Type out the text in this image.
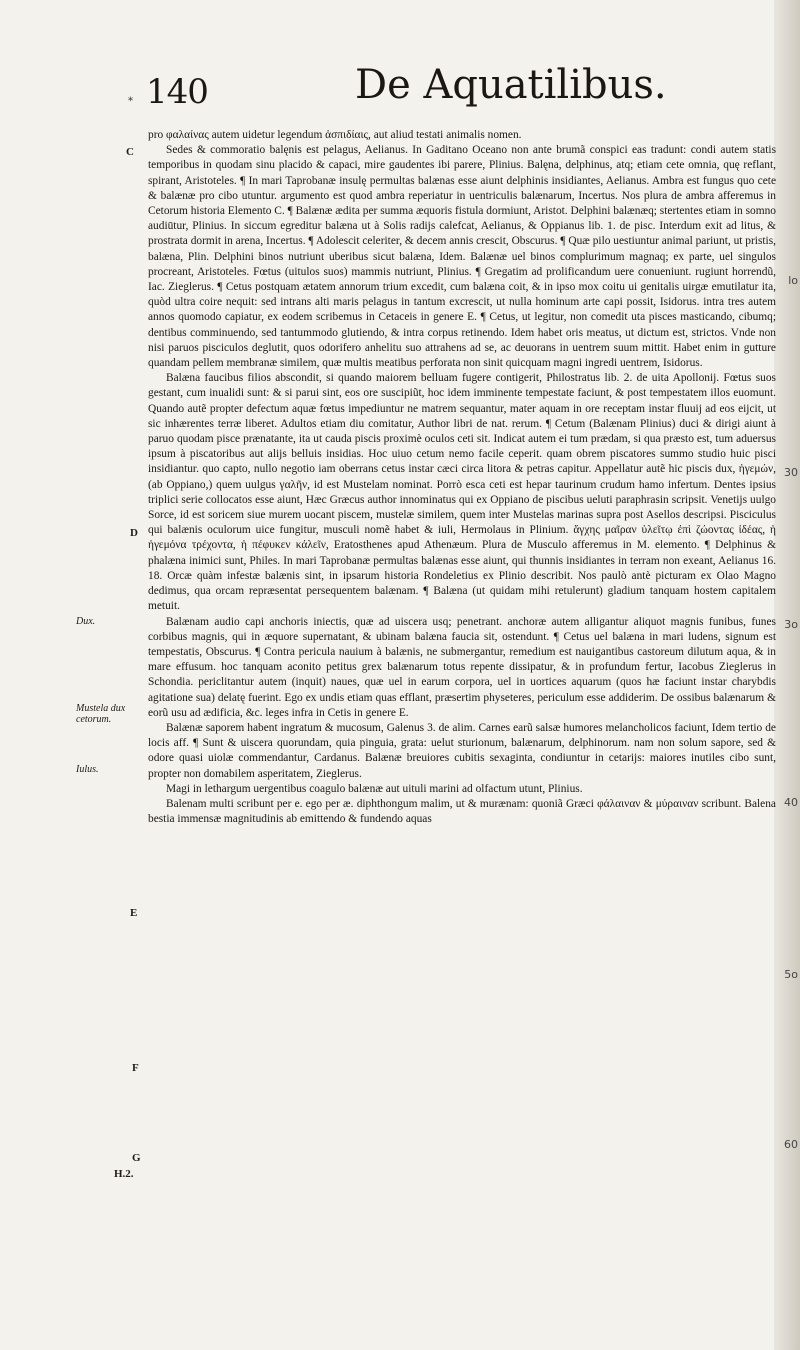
lo
30
3o
40
5o
60
* 140	De Aquatilibus.
C
D
E
F
G
H.2.
Dux.
Mustela dux cetorum.
Iulus.

pro φαλαίνας autem uidetur legendum ἀσπιδίαις, aut aliud testati animalis nomen.

Sedes & commoratio balęnis est pelagus, Aelianus. In Gaditano Oceano non ante brumã conspici eas tradunt: condi autem statis temporibus in quodam sinu placido & capaci, mire gaudentes ibi parere, Plinius. Balęna, delphinus, atq; etiam cete omnia, quę reflant, spirant, Aristoteles. ¶ In mari Taprobanæ insulę permultas balænas esse aiunt delphinis insidiantes, Aelianus. Ambra est fungus quo cete & balænæ pro cibo utuntur. argumento est quod ambra reperiatur in uentriculis balænarum, Incertus. Nos plura de ambra afferemus in Cetorum historia Elemento C. ¶ Balænæ ædita per summa æquoris fistula dormiunt, Aristot. Delphini balænæq; stertentes etiam in somno audiūtur, Plinius. In siccum egreditur balæna ut à Solis radijs calefcat, Aelianus, & Oppianus lib. 1. de pisc. Interdum exit ad litus, & prostrata dormit in arena, Incertus. ¶ Adolescit celeriter, & decem annis crescit, Obscurus. ¶ Quæ pilo uestiuntur animal pariunt, ut pristis, balæna, Plin. Delphini binos nutriunt uberibus sicut balæna, Idem. Balænæ uel binos complurimum magnaq; ex parte, uel singulos procreant, Aristoteles. Fœtus (uitulos suos) mammis nutriunt, Plinius. ¶ Gregatim ad prolificandum uere conueniunt. rugiunt horrendũ, Iac. Zieglerus. ¶ Cetus postquam ætatem annorum trium excedit, cum balæna coit, & in ipso mox coitu ui genitalis uirgæ emutilatur ita, quòd ultra coire nequit: sed intrans alti maris pelagus in tantum excrescit, ut nulla hominum arte capi possit, Isidorus. intra tres autem annos quomodo capiatur, ex eodem scribemus in Cetaceis in genere E. ¶ Cetus, ut legitur, non comedit uta pisces masticando, cibumq; dentibus comminuendo, sed tantummodo glutiendo, & intra corpus retinendo. Idem habet oris meatus, ut dictum est, strictos. Vnde non nisi paruos pisciculos deglutit, quos odorifero anhelitu suo attrahens ad se, ac deuorans in uentrem suum mittit. Habet enim in gutture quandam pellem membranæ similem, quæ multis meatibus perforata non sinit quicquam magni ingredi uentrem, Isidorus.

Balæna faucibus filios abscondit, si quando maiorem belluam fugere contigerit, Philostratus lib. 2. de uita Apollonij. Fœtus suos gestant, cum inualidi sunt: & si parui sint, eos ore suscipiũt, hoc idem imminente tempestate faciunt, & post tempestatem illos euomunt. Quando autẽ propter defectum aquæ fœtus impediuntur ne matrem sequantur, mater aquam in ore receptam instar fluuij ad eos eijcit, ut sic inhærentes terræ liberet. Adultos etiam diu comitatur, Author libri de nat. rerum. ¶ Cetum (Balænam Plinius) duci & dirigi aiunt à paruo quodam pisce prænatante, ita ut cauda piscis proximè oculos ceti sit. Indicat autem ei tum prædam, si qua præsto est, tum aduersus ipsum à piscatoribus aut alijs belluis insidias. Hoc uiuo cetum nemo facile ceperit. quam obrem piscatores summo studio huic pisci insidiantur. quo capto, nullo negotio iam oberrans cetus instar cæci circa litora & petras capitur. Appellatur autẽ hic piscis dux, ἡγεμών, (ab Oppiano,) quem uulgus γαλῆν, id est Mustelam nominat. Porrò esca ceti est hepar taurinum crudum hamo infertum. Dentes ipsius triplici serie collocatos esse aiunt, Hæc Græcus author innominatus qui ex Oppiano de piscibus ueluti paraphrasin scripsit. Venetijs uulgo Sorce, id est soricem siue murem uocant piscem, mustelæ similem, quem inter Mustelas marinas supra post Asellos descripsi. Pisciculus qui balænis oculorum uice fungitur, musculi nomẽ habet & iuli, Hermolaus in Plinium. ἄγχης μαῖραν ὑλεῖτῳ ἐπὶ ζώοντας ἰδέας, ἡ ἡγεμόνα τρέχοντα, ἡ πέφυκεν κάλεῖν, Eratosthenes apud Athenæum. Plura de Musculo afferemus in M. elemento. ¶ Delphinus & phalæna inimici sunt, Philes. In mari Taprobanæ permultas balænas esse aiunt, qui thunnis insidiantes in terram non exeant, Aelianus 16. 18. Orcæ quàm infestæ balænis sint, in ipsarum historia Rondeletius ex Plinio describit. Nos paulò antè picturam ex Olao Magno dedimus, qua orcam repræsentat persequentem balænam. ¶ Balæna (ut quidam mihi retulerunt) gladium tanquam hostem capitalem metuit.

Balænam audio capi anchoris iniectis, quæ ad uiscera usq; penetrant. anchoræ autem alligantur aliquot magnis funibus, funes corbibus magnis, qui in æquore supernatant, & ubinam balæna faucia sit, ostendunt. ¶ Cetus uel balæna in mari ludens, signum est tempestatis, Obscurus. ¶ Contra pericula nauium à balænis, ne submergantur, remedium est nauigantibus castoreum dilutum aqua, & in mare effusum. hoc tanquam aconito petitus grex balænarum totus repente dissipatur, & in profundum fertur, Iacobus Zieglerus in Schondia. periclitantur autem (inquit) naues, quæ uel in earum corpora, uel in uortices aquarum (quos hæ faciunt instar charybdis agitatione sua) delatę fuerint. Ego ex undis etiam quas efflant, præsertim physeteres, periculum esse addiderim. De ossibus balænarum & eorũ usu ad ædificia, &c. leges infra in Cetis in genere E.

Balænæ saporem habent ingratum & mucosum, Galenus 3. de alim. Carnes earũ salsæ humores melancholicos faciunt, Idem tertio de locis aff. ¶ Sunt & uiscera quorundam, quia pinguia, grata: uelut sturionum, balænarum, delphinorum. nam non solum sapore, sed & odore quasi uiolæ commendantur, Cardanus. Balænæ breuiores cubitis sexaginta, condiuntur in cetarijs: maiores inutiles cibo sunt, propter non domabilem asperitatem, Zieglerus.

Magi in lethargum uergentibus coagulo balænæ aut uituli marini ad olfactum utunt, Plinius.

Balenam multi scribunt per e. ego per æ. diphthongum malim, ut & murænam: quoniã Græci φάλαιναν & μύραιναν scribunt. Balena bestia immensæ magnitudinis ab emittendo & fundendo aquas
